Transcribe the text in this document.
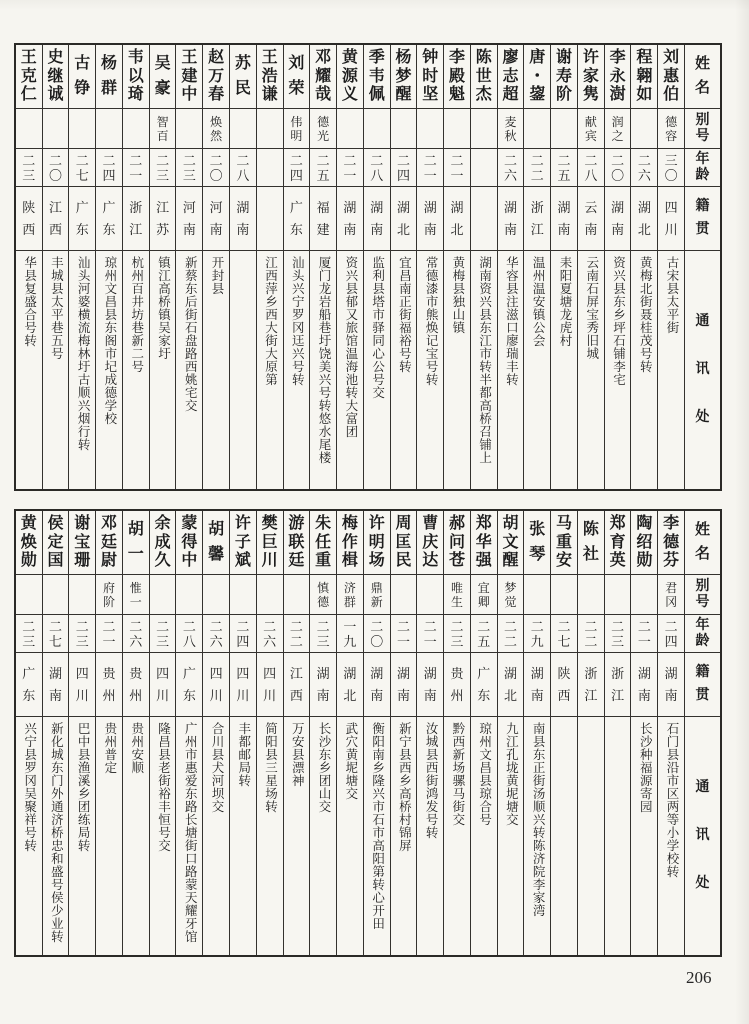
姓
名
别
号
年
龄
籍
贯
通
讯
处
刘
惠
伯
德
容
三
〇
四
川
古宋县太平街
程
翱
如
二
六
湖
北
黄梅北街聂桂茂号转
李
永
澍
润
之
二
〇
湖
南
资兴县东乡坪石铺李宅
许
家
隽
献
宾
二
八
云
南
云南石屏宝秀旧城
谢
寿
阶
二
五
湖
南
耒阳夏塘龙虎村
唐
・
鋆
二
二
浙
江
温州温安镇公会
廖
志
超
麦
秋
二
六
湖
南
华容县注滋口廖瑞丰转
陈
世
杰
湖南资兴县东江市转半都高桥召铺上
李
殿
魁
二
一
湖
北
黄梅县独山镇
钟
时
坚
二
一
湖
南
常德漆市熊焕记宝号转
杨
梦
醒
二
四
湖
北
宜昌南正街福裕号转
季
韦
佩
二
八
湖
南
监利县塔市驿同心公号交
黄
源
义
二
一
湖
南
资兴县郁又旅馆温海池转大富团
邓
耀
哉
德
光
二
五
福
建
厦门龙岩船巷圩饶美兴号转悠水尾楼
刘
荣
伟
明
二
四
广
东
汕头兴宁罗冈迋兴号转
王
浩
谦
江西萍乡西大街大原第
苏
民
二
八
湖
南
赵
万
春
焕
然
二
〇
河
南
开封县
王
建
中
二
三
河
南
新蔡东后街石盘路西姚宅交
吴
豪
智
百
二
三
江
苏
镇江高桥镇吴家圩
韦
以
琦
二
一
浙
江
杭州百井坊巷新二号
杨
群
二
四
广
东
琼州文昌县东阁市圮成德学校
古
铮
二
七
广
东
汕头河婆横流梅林圩古顺兴烟行转
史
继
诚
二
〇
江
西
丰城县太平巷五号
王
克
仁
二
三
陕
西
华县复盛合号转
姓
名
别
号
年
龄
籍
贯
通
讯
处
李
德
芬
君
冈
二
四
湖
南
石门县沿市区两等小学校转
陶
绍
勋
二
一
湖
南
长沙种福源寄园
郑
育
英
二
三
浙
江
陈
社
二
二
浙
江
马
重
安
二
七
陕
西
张
琴
二
九
湖
南
南县东正街汤顺兴转陈济院李家湾
胡
文
醒
梦
觉
二
二
湖
北
九江孔垅黄坭塘交
郑
华
强
宜
卿
二
五
广
东
琼州文昌县琼合号
郝
问
苍
唯
生
二
三
贵
州
黔西新场骡马街交
曹
庆
达
二
一
湖
南
汝城县西街鸿发号转
周
匡
民
二
一
湖
南
新宁县西乡高桥村锦屏
许
明
场
鼎
新
二
〇
湖
南
衡阳南乡隆兴市石市高阳第转心开田
梅
作
楫
济
群
一
九
湖
北
武穴黄坭塘交
朱
任
重
慎
德
二
三
湖
南
长沙东乡团山交
游
联
廷
二
二
江
西
万安县漂神
樊
巨
川
二
六
四
川
简阳县三星场转
许
子
斌
二
四
四
川
丰都邮局转
胡
馨
二
六
四
川
合川县犬河坝交
蒙
得
中
二
八
广
东
广州市惠爱东路长塘街口路蒙天耀牙馆
余
成
久
二
三
四
川
隆昌县老街裕丰恒号交
胡
一
惟
一
二
六
贵
州
贵州安顺
邓
廷
尉
府
阶
二
一
贵
州
贵州普定
谢
宝
珊
二
三
四
川
巴中县渔溪乡团练局转
侯
定
国
二
七
湖
南
新化城东门外通济桥忠和盛号侯少业转
黄
焕
勋
二
三
广
东
兴宁县罗冈吴聚祥号转
206
